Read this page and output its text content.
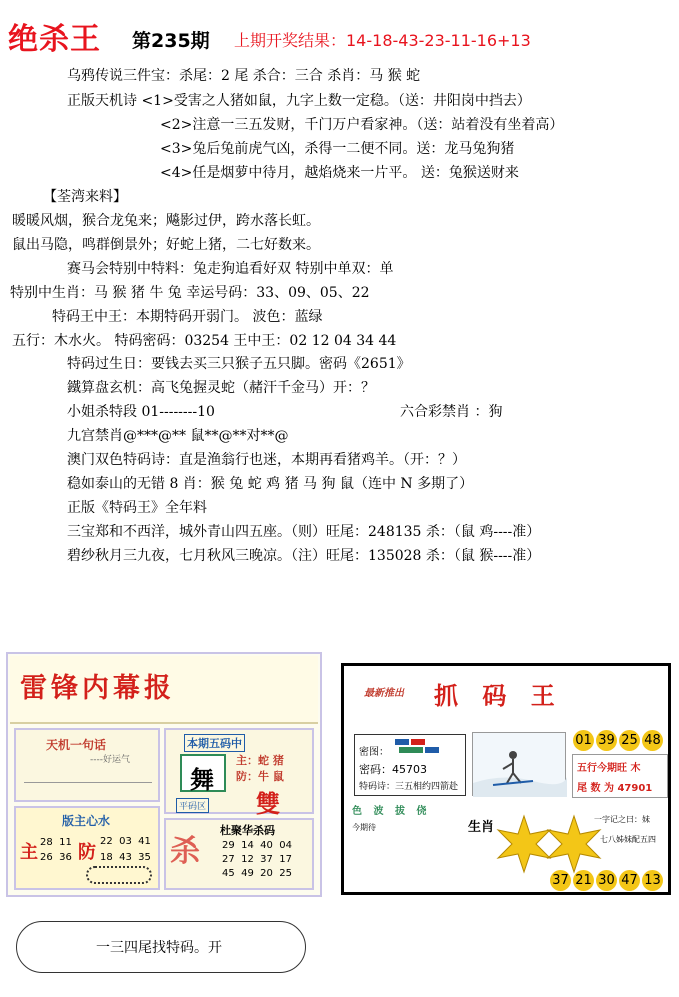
绝杀王 第235期 上期开奖结果：14-18-43-23-11-16+13
乌鸦传说三件宝：杀尾：2 尾 杀合：三合 杀肖：马 猴 蛇
正版天机诗 <1>受害之人猪如鼠，九字上数一定稳。（送：井阳岗中挡去）
<2>注意一三五发财，千门万户看家神。（送：站着没有坐着高）
<3>兔后兔前虎气凶，杀得一二便不同。送：龙马兔狗猪
<4>任是烟萝中待月，越焰烧来一片平。 送：兔猴送财来
【荃湾来料】
暖暖风烟，猴合龙兔来；飚影过伊，跨水落长虹。
鼠出马隐，鸣群倒景外；好蛇上猪，二七好数来。
赛马会特别中特料：兔走狗追看好双 特别中单双：单
特别中生肖：马 猴 猪 牛 兔 幸运号码：33、09、05、22
特码王中王：本期特码开弱门。 波色：蓝绿
五行：木水火。 特码密码：03254 王中王：02 12 04 34 44
特码过生日：要钱去买三只猴子五只脚。密码《2651》
鐵算盘玄机：高飞兔握灵蛇（赭汗千金马）开：？
小姐杀特段 01--------10	六合彩禁肖 ：狗
九宫禁肖@***@** 鼠**@**对**@
澳门双色特码诗：直是渔翁行也迷，本期再看猪鸡羊。（开：？）
稳如泰山的无错 8 肖：猴 兔 蛇 鸡 猪 马 狗 鼠（连中 N 多期了）
正版《特码王》全年料
三宝郑和不西洋，城外青山四五座。（则）旺尾：248135 杀：（鼠 鸡----准）
碧纱秋月三九夜，七月秋风三晚凉。（注）旺尾：135028 杀：（鼠 猴----准）
雷锋内幕报
天机一句话
----好运气
版主心水
主 28  11
26  36 防
22  03  41
18  43  35
本期五码中
舞
主：蛇 猪
防：牛 鼠
平码区 雙
杀
杜聚华杀码
29  14  40  04
27  12  37  17
45  49  20  25
最新推出 抓 码 王
01 39 25 48
密图：
密码：45703
特码诗：三五相约四箭赴
五行今期旺 木
尾 数 为 47901
色 波 拔 侥
今期待	生肖
一字记之曰：妹
七八姊妹配五四
37 21 30 47 13
一三四尾找特码。开
